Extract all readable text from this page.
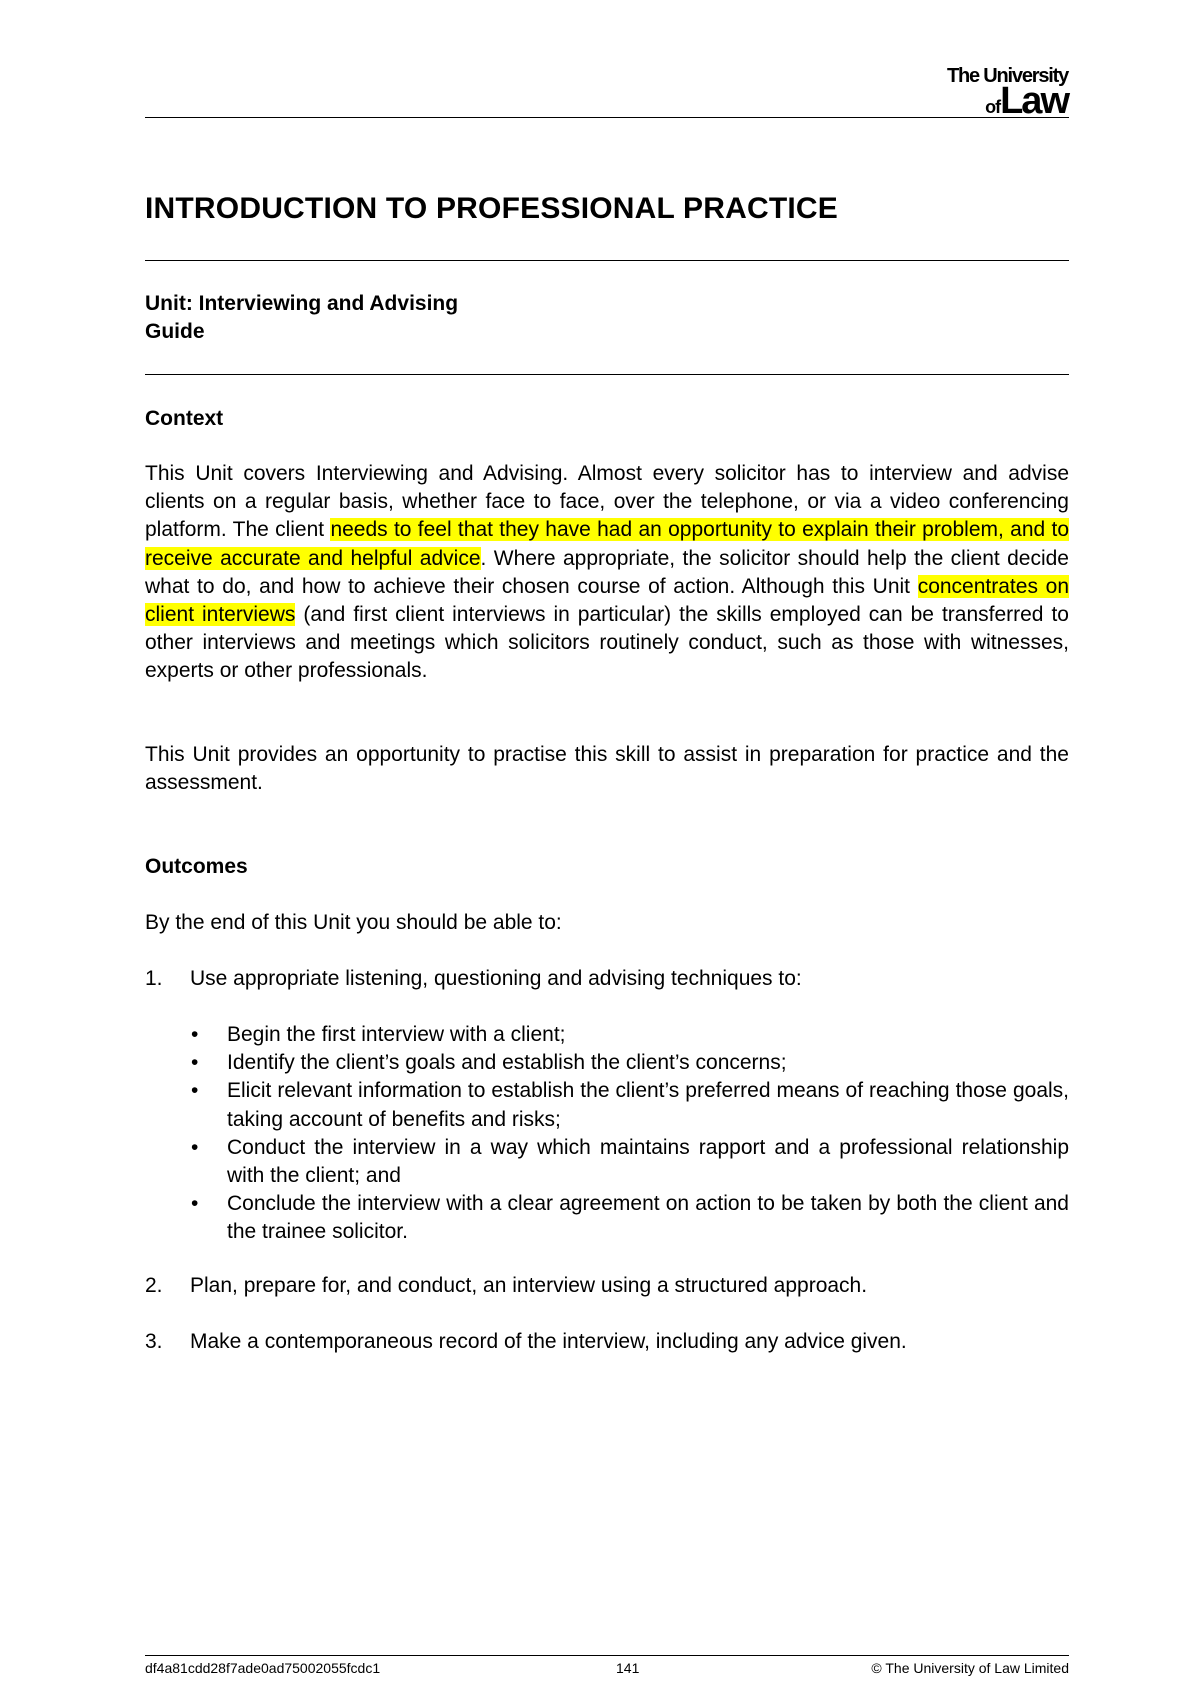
The University
ofLaw
INTRODUCTION TO PROFESSIONAL PRACTICE
Unit: Interviewing and Advising
Guide
Context

This Unit covers Interviewing and Advising. Almost every solicitor has to interview and advise clients on a regular basis, whether face to face, over the telephone, or via a video conferencing platform. The client needs to feel that they have had an opportunity to explain their problem, and to receive accurate and helpful advice. Where appropriate, the solicitor should help the client decide what to do, and how to achieve their chosen course of action. Although this Unit concentrates on client interviews (and first client interviews in particular) the skills employed can be transferred to other interviews and meetings which solicitors routinely conduct, such as those with witnesses, experts or other professionals.

This Unit provides an opportunity to practise this skill to assist in preparation for practice and the assessment.

Outcomes

By the end of this Unit you should be able to:

1. Use appropriate listening, questioning and advising techniques to:
• Begin the first interview with a client;
• Identify the client’s goals and establish the client’s concerns;
• Elicit relevant information to establish the client’s preferred means of reaching those goals, taking account of benefits and risks;
• Conduct the interview in a way which maintains rapport and a professional relationship with the client; and
• Conclude the interview with a clear agreement on action to be taken by both the client and the trainee solicitor.
2. Plan, prepare for, and conduct, an interview using a structured approach.
3. Make a contemporaneous record of the interview, including any advice given.
df4a81cdd28f7ade0ad75002055fcdc1	141	© The University of Law Limited
